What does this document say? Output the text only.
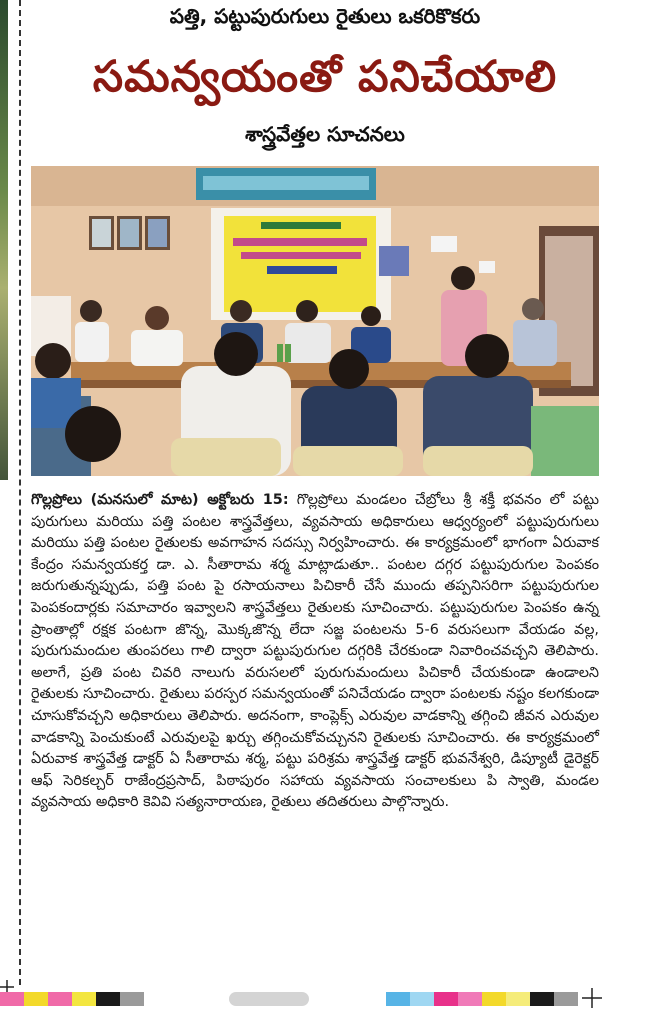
పత్తి, పట్టుపురుగులు రైతులు ఒకరికొకరు
సమన్వయంతో పనిచేయాలి
శాస్త్రవేత్తల సూచనలు

గొల్లప్రోలు (మనసులో మాట) అక్టోబరు 15: గొల్లప్రోలు మండలం చేబ్రోలు శ్రీ శక్తీ భవనం లో పట్టు పురుగులు మరియు పత్తి పంటల శాస్త్రవేత్తలు, వ్యవసాయ అధికారులు ఆధ్వర్యంలో పట్టుపురుగులు మరియు పత్తి పంటల రైతులకు అవగాహన సదస్సు నిర్వహించారు. ఈ కార్యక్రమంలో భాగంగా ఏరువాక కేంద్రం సమన్వయకర్త డా. ఎ. సీతారామ శర్మ మాట్లాడుతూ.. పంటల దగ్గర పట్టుపురుగుల పెంపకం జరుగుతున్నప్పుడు, పత్తి పంట పై రసాయనాలు పిచికారీ చేసే ముందు తప్పనిసరిగా పట్టుపురుగుల పెంపకందార్లకు సమాచారం ఇవ్వాలని శాస్త్రవేత్తలు రైతులకు సూచించారు. పట్టుపురుగుల పెంపకం ఉన్న ప్రాంతాల్లో రక్షక పంటగా జొన్న, మొక్కజొన్న లేదా సజ్జ పంటలను 5-6 వరుసలుగా వేయడం వల్ల, పురుగుమందుల తుంపరలు గాలి ద్వారా పట్టుపురుగుల దగ్గరికి చేరకుండా నివారించవచ్చని తెలిపారు. అలాగే, ప్రతి పంట చివరి నాలుగు వరుసలలో పురుగుమందులు పిచికారీ చేయకుండా ఉండాలని రైతులకు సూచించారు. రైతులు పరస్పర సమన్వయంతో పనిచేయడం ద్వారా పంటలకు నష్టం కలగకుండా చూసుకోవచ్చని అధికారులు తెలిపారు. అదనంగా, కాంప్లెక్స్ ఎరువుల వాడకాన్ని తగ్గించి జీవన ఎరువుల వాడకాన్ని పెంచుకుంటే ఎరువులపై ఖర్చు తగ్గించుకోవచ్చునని రైతులకు సూచించారు. ఈ కార్యక్రమంలో ఏరువాక శాస్త్రవేత్త డాక్టర్ ఏ సీతారామ శర్మ, పట్టు పరిశ్రమ శాస్త్రవేత్త డాక్టర్ భువనేశ్వరి, డిప్యూటీ డైరెక్టర్ ఆఫ్ సెరికల్చర్ రాజేంద్రప్రసాద్, పిఠాపురం సహాయ వ్యవసాయ సంచాలకులు పి స్వాతి, మండల వ్యవసాయ అధికారి కెవివి సత్యనారాయణ, రైతులు తదితరులు పాల్గొన్నారు.
